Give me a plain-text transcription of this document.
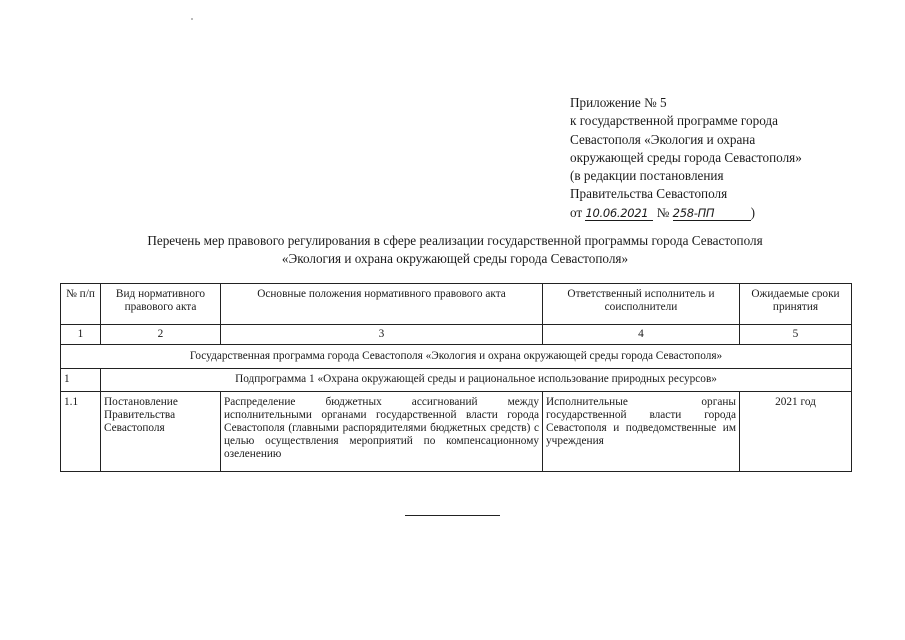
Приложение № 5
к государственной программе города
Севастополя «Экология и охрана
окружающей среды города Севастополя»
(в редакции постановления
Правительства Севастополя
от 10.06.2021 № 258-ПП	)
Перечень мер правового регулирования в сфере реализации государственной программы города Севастополя
«Экология и охрана окружающей среды города Севастополя»
№ п/п	Вид нормативного правового акта	Основные положения нормативного правового акта	Ответственный исполнитель и соисполнители	Ожидаемые сроки принятия
1	2	3	4	5
Государственная программа города Севастополя «Экология и охрана окружающей среды города Севастополя»				
1	Подпрограмма 1 «Охрана окружающей среды и рациональное использование природных ресурсов»			
1.1	Постановление Правительства Севастополя	Распределение бюджетных ассигнований между исполнительными органами государственной власти города Севастополя (главными распорядителями бюджетных средств) с целью осуществления мероприятий по компенсационному озеленению	Исполнительные органы государственной власти города Севастополя и подведомственные им учреждения	2021 год
